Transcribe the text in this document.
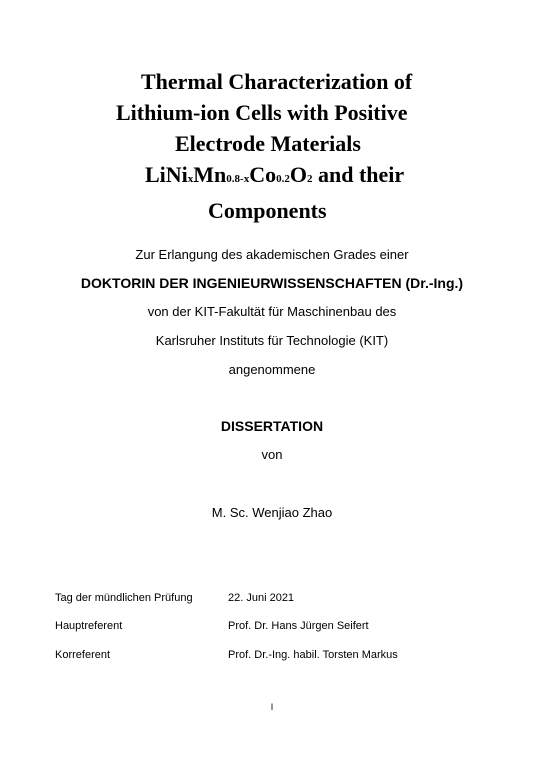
Thermal Characterization of
Lithium-ion Cells with Positive
Electrode Materials
LiNixMn0.8-xCo0.2O2 and their
Components

Zur Erlangung des akademischen Grades einer

DOKTORIN DER INGENIEURWISSENSCHAFTEN (Dr.-Ing.)

von der KIT-Fakultät für Maschinenbau des

Karlsruher Instituts für Technologie (KIT)

angenommene

DISSERTATION

von

M. Sc. Wenjiao Zhao

Tag der mündlichen Prüfung	22. Juni 2021
Hauptreferent	Prof. Dr. Hans Jürgen Seifert
Korreferent	Prof. Dr.-Ing. habil. Torsten Markus
I
